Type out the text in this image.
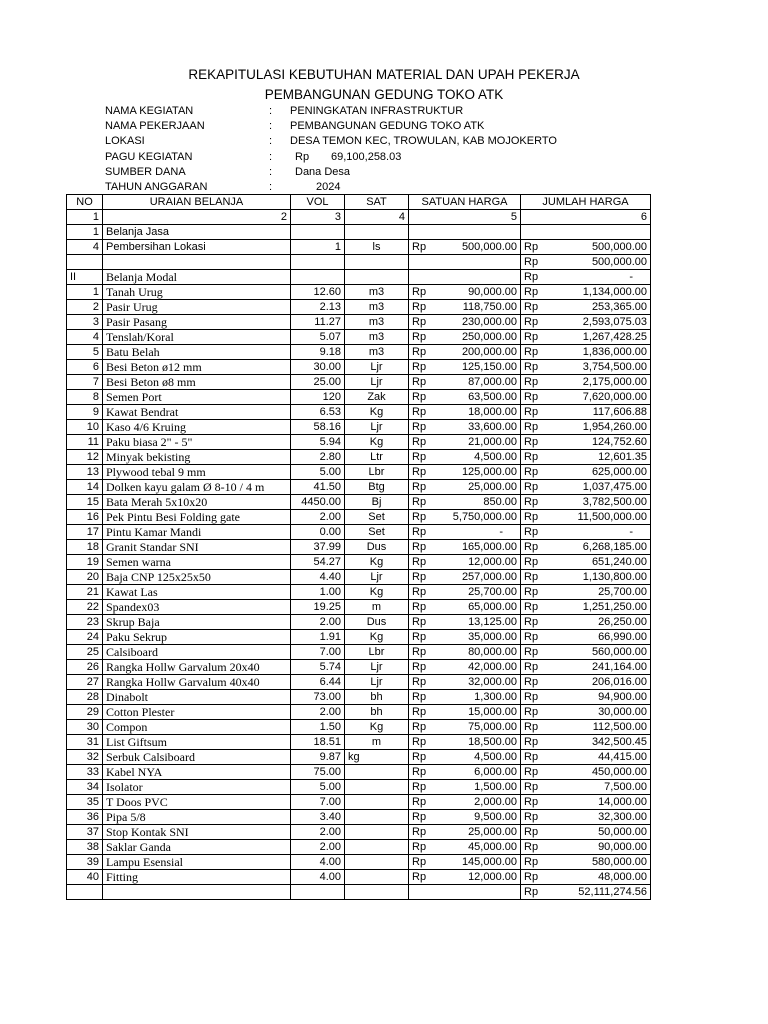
REKAPITULASI KEBUTUHAN MATERIAL DAN UPAH PEKERJA
PEMBANGUNAN GEDUNG TOKO ATK
NAMA KEGIATAN	: PENINGKATAN INFRASTRUKTUR
NAMA PEKERJAAN	: PEMBANGUNAN GEDUNG TOKO ATK
LOKASI	: DESA TEMON KEC, TROWULAN, KAB MOJOKERTO
PAGU KEGIATAN	: Rp 69,100,258.03
SUMBER DANA	: Dana Desa
TAHUN ANGGARAN	:	2024
NO	URAIAN BELANJA	VOL	SAT	SATUAN HARGA	JUMLAH HARGA
1	2	3	4	5	6
1	Belanja Jasa				
4	Pembersihan Lokasi	1	ls	Rp 500,000.00	Rp 500,000.00

					Rp 500,000.00

II	Belanja Modal				Rp -

1	Tanah Urug	12.60	m3	Rp 90,000.00	Rp 1,134,000.00

2	Pasir Urug	2.13	m3	Rp 118,750.00	Rp 253,365.00

3	Pasir Pasang	11.27	m3	Rp 230,000.00	Rp 2,593,075.03

4	Tenslah/Koral	5.07	m3	Rp 250,000.00	Rp 1,267,428.25

5	Batu Belah	9.18	m3	Rp 200,000.00	Rp 1,836,000.00

6	Besi Beton ø12 mm	30.00	Ljr	Rp 125,150.00	Rp 3,754,500.00

7	Besi Beton ø8 mm	25.00	Ljr	Rp 87,000.00	Rp 2,175,000.00

8	Semen Port	120	Zak	Rp 63,500.00	Rp 7,620,000.00

9	Kawat Bendrat	6.53	Kg	Rp 18,000.00	Rp 117,606.88

10	Kaso 4/6 Kruing	58.16	Ljr	Rp 33,600.00	Rp 1,954,260.00

11	Paku biasa 2" - 5"	5.94	Kg	Rp 21,000.00	Rp 124,752.60

12	Minyak bekisting	2.80	Ltr	Rp 4,500.00	Rp 12,601.35

13	Plywood tebal 9 mm	5.00	Lbr	Rp 125,000.00	Rp 625,000.00

14	Dolken kayu galam Ø 8-10 / 4 m	41.50	Btg	Rp 25,000.00	Rp 1,037,475.00

15	Bata Merah 5x10x20	4450.00	Bj	Rp 850.00	Rp 3,782,500.00

16	Pek Pintu Besi Folding gate	2.00	Set	Rp 5,750,000.00	Rp 11,500,000.00

17	Pintu Kamar Mandi	0.00	Set	Rp -	Rp -

18	Granit Standar SNI	37.99	Dus	Rp 165,000.00	Rp 6,268,185.00

19	Semen warna	54.27	Kg	Rp 12,000.00	Rp 651,240.00

20	Baja CNP 125x25x50	4.40	Ljr	Rp 257,000.00	Rp 1,130,800.00

21	Kawat Las	1.00	Kg	Rp 25,700.00	Rp 25,700.00

22	Spandex03	19.25	m	Rp 65,000.00	Rp 1,251,250.00

23	Skrup Baja	2.00	Dus	Rp 13,125.00	Rp 26,250.00

24	Paku Sekrup	1.91	Kg	Rp 35,000.00	Rp 66,990.00

25	Calsiboard	7.00	Lbr	Rp 80,000.00	Rp 560,000.00

26	Rangka Hollw Garvalum 20x40	5.74	Ljr	Rp 42,000.00	Rp 241,164.00

27	Rangka Hollw Garvalum 40x40	6.44	Ljr	Rp 32,000.00	Rp 206,016.00

28	Dinabolt	73.00	bh	Rp 1,300.00	Rp 94,900.00

29	Cotton Plester	2.00	bh	Rp 15,000.00	Rp 30,000.00

30	Compon	1.50	Kg	Rp 75,000.00	Rp 112,500.00

31	List Giftsum	18.51	m	Rp 18,500.00	Rp 342,500.45

32	Serbuk Calsiboard	9.87	kg	Rp 4,500.00	Rp 44,415.00

33	Kabel NYA	75.00		Rp 6,000.00	Rp 450,000.00

34	Isolator	5.00		Rp 1,500.00	Rp 7,500.00

35	T Doos PVC	7.00		Rp 2,000.00	Rp 14,000.00

36	Pipa 5/8	3.40		Rp 9,500.00	Rp 32,300.00

37	Stop Kontak SNI	2.00		Rp 25,000.00	Rp 50,000.00

38	Saklar Ganda	2.00		Rp 45,000.00	Rp 90,000.00

39	Lampu Esensial	4.00		Rp 145,000.00	Rp 580,000.00

40	Fitting	4.00		Rp 12,000.00	Rp 48,000.00

					Rp 52,111,274.56
